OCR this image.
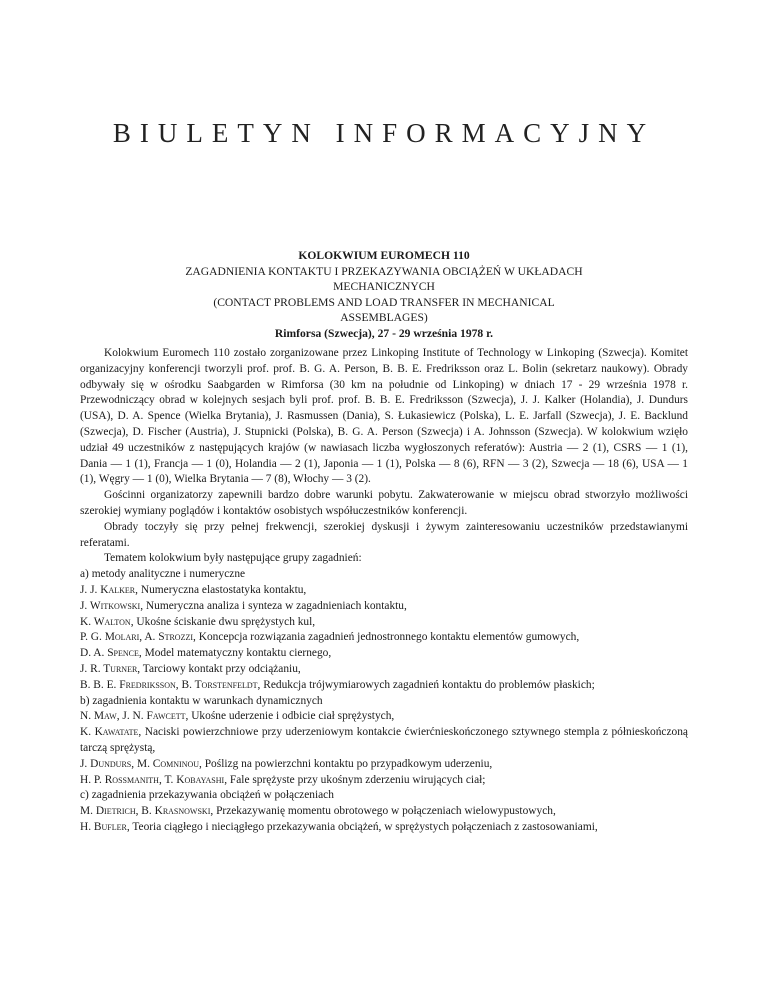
BIULETYN INFORMACYJNY
KOLOKWIUM EUROMECH 110
ZAGADNIENIA KONTAKTU I PRZEKAZYWANIA OBCIĄŻEŃ W UKŁADACH
MECHANICZNYCH
(CONTACT PROBLEMS AND LOAD TRANSFER IN MECHANICAL
ASSEMBLAGES)
Rimforsa (Szwecja), 27 - 29 września 1978 r.

Kolokwium Euromech 110 zostało zorganizowane przez Linkoping Institute of Technology w Linkoping (Szwecja). Komitet organizacyjny konferencji tworzyli prof. prof. B. G. A. Person, B. B. E. Fredriksson oraz L. Bolin (sekretarz naukowy). Obrady odbywały się w ośrodku Saabgarden w Rimforsa (30 km na południe od Linkoping) w dniach 17 - 29 września 1978 r. Przewodniczący obrad w kolejnych sesjach byli prof. prof. B. B. E. Fredriksson (Szwecja), J. J. Kalker (Holandia), J. Dundurs (USA), D. A. Spence (Wielka Brytania), J. Rasmussen (Dania), S. Łukasiewicz (Polska), L. E. Jarfall (Szwecja), J. E. Backlund (Szwecja), D. Fischer (Austria), J. Stupnicki (Polska), B. G. A. Person (Szwecja) i A. Johnsson (Szwecja). W kolokwium wzięło udział 49 uczestników z następujących krajów (w nawiasach liczba wygłoszonych referatów): Austria — 2 (1), CSRS — 1 (1), Dania — 1 (1), Francja — 1 (0), Holandia — 2 (1), Japonia — 1 (1), Polska — 8 (6), RFN — 3 (2), Szwecja — 18 (6), USA — 1 (1), Węgry — 1 (0), Wielka Brytania — 7 (8), Włochy — 3 (2).

Gościnni organizatorzy zapewnili bardzo dobre warunki pobytu. Zakwaterowanie w miejscu obrad stworzyło możliwości szerokiej wymiany poglądów i kontaktów osobistych współuczestników konferencji.

Obrady toczyły się przy pełnej frekwencji, szerokiej dyskusji i żywym zainteresowaniu uczestników przedstawianymi referatami.

Tematem kolokwium były następujące grupy zagadnień:

a) metody analityczne i numeryczne

J. J. Kalker, Numeryczna elastostatyka kontaktu,

J. Witkowski, Numeryczna analiza i synteza w zagadnieniach kontaktu,

K. Walton, Ukośne ściskanie dwu sprężystych kul,

P. G. Molari, A. Strozzi, Koncepcja rozwiązania zagadnień jednostronnego kontaktu elementów gumowych,

D. A. Spence, Model matematyczny kontaktu ciernego,

J. R. Turner, Tarciowy kontakt przy odciążaniu,

B. B. E. Fredriksson, B. Torstenfeldt, Redukcja trójwymiarowych zagadnień kontaktu do problemów płaskich;

b) zagadnienia kontaktu w warunkach dynamicznych

N. Maw, J. N. Fawcett, Ukośne uderzenie i odbicie ciał sprężystych,

K. Kawatate, Naciski powierzchniowe przy uderzeniowym kontakcie ćwierćnieskończonego sztywnego stempla z półnieskończoną tarczą sprężystą,

J. Dundurs, M. Comninou, Poślizg na powierzchni kontaktu po przypadkowym uderzeniu,

H. P. Rossmanith, T. Kobayashi, Fale sprężyste przy ukośnym zderzeniu wirujących ciał;

c) zagadnienia przekazywania obciążeń w połączeniach

M. Dietrich, B. Krasnowski, Przekazywanię momentu obrotowego w połączeniach wielowypustowych,

H. Bufler, Teoria ciągłego i nieciągłego przekazywania obciążeń, w sprężystych połączeniach z zastosowaniami,
